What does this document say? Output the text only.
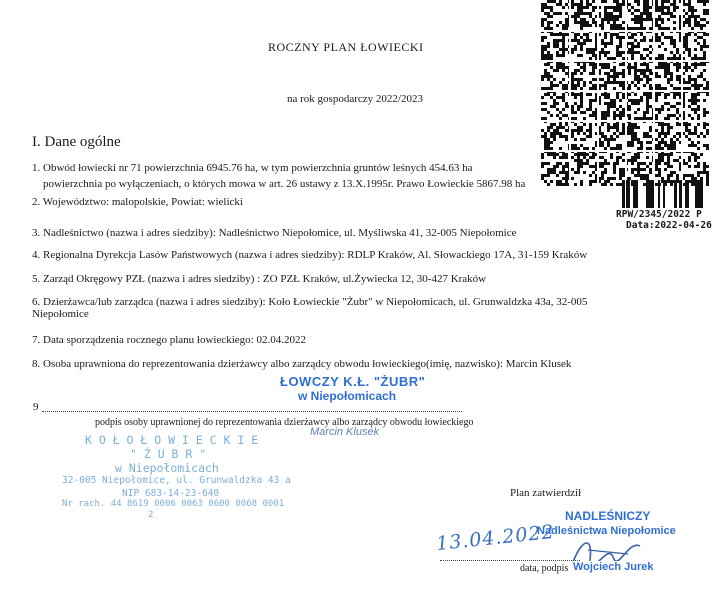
ROCZNY PLAN ŁOWIECKI
na rok gospodarczy 2022/2023
I. Dane ogólne
1. Obwód łowiecki nr 71 powierzchnia 6945.76 ha, w tym powierzchnia gruntów leśnych 454.63 ha
powierzchnia po wyłączeniach, o których mowa w art. 26 ustawy z 13.X.1995r. Prawo Łowieckie 5867.98 ha
2. Województwo: malopolskie, Powiat: wielicki
3. Nadleśnictwo (nazwa i adres siedziby): Nadleśnictwo Niepołomice, ul. Myśliwska 41, 32-005 Niepołomice
4. Regionalna Dyrekcja Lasów Państwowych (nazwa i adres siedziby): RDLP Kraków, Al. Słowackiego 17A, 31-159 Kraków
5. Zarząd Okręgowy PZŁ (nazwa i adres siedziby) : ZO PZŁ Kraków, ul.Żywiecka 12, 30-427 Kraków
6. Dzierżawca/lub zarządca (nazwa i adres siedziby): Koło Łowieckie "Żubr" w Niepołomicach, ul. Grunwaldzka 43a, 32-005
Niepołomice
7. Data sporządzenia rocznego planu łowieckiego: 02.04.2022
8. Osoba uprawniona do reprezentowania dzierżawcy albo zarządcy obwodu łowieckiego(imię, nazwisko): Marcin Klusek
RPW/2345/2022 P
Data:2022-04-26
ŁOWCZY K.Ł. "ŻUBR"
w Niepołomicach
9
podpis osoby uprawnionej do reprezentowania dzierżawcy albo zarządcy obwodu łowieckiego
Marcin Klusek
K O Ł O Ł O W I E C K I E
" Ż U B R "
w Niepołomicach
32-005 Niepołomice, ul. Grunwaldzka 43 a
NIP 683-14-23-640
Nr rach. 44 8619 0006 0063 0600 0068 0001
2
Plan zatwierdził
NADLEŚNICZY
Nadleśnictwa Niepołomice
13.04.2022
data, podpis Wojciech Jurek
